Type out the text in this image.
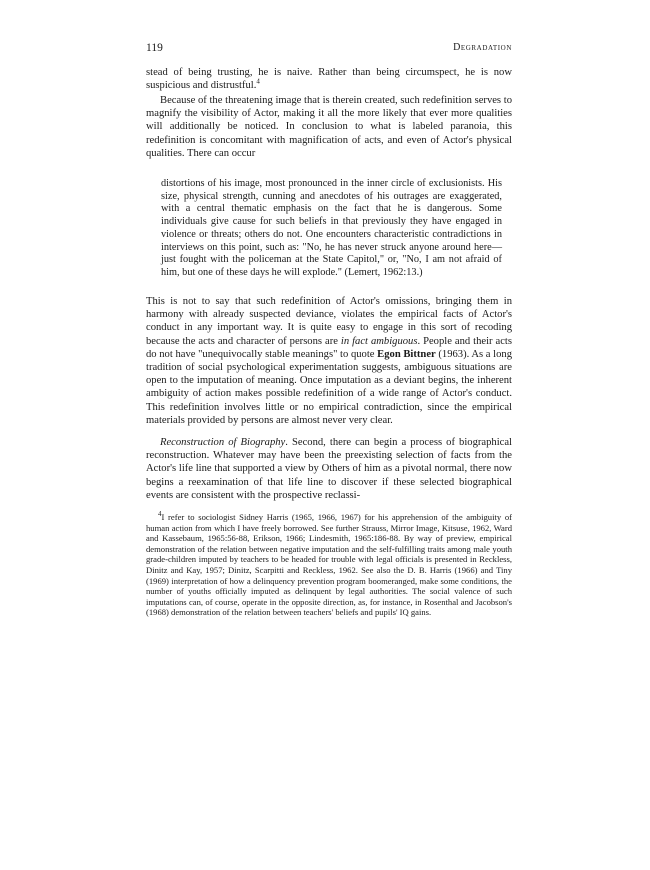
119	Degradation

stead of being trusting, he is naive. Rather than being circumspect, he is now suspicious and distrustful.$^4$

Because of the threatening image that is therein created, such redefinition serves to magnify the visibility of Actor, making it all the more likely that ever more qualities will additionally be noticed. In conclusion to what is labeled paranoia, this redefinition is concomitant with magnification of acts, and even of Actor's physical qualities. There can occur

distortions of his image, most pronounced in the inner circle of exclusionists. His size, physical strength, cunning and anecdotes of his outrages are exaggerated, with a central thematic emphasis on the fact that he is dangerous. Some individuals give cause for such beliefs in that previously they have engaged in violence or threats; others do not. One encounters characteristic contradictions in interviews on this point, such as: "No, he has never struck anyone around here—just fought with the policeman at the State Capitol," or, "No, I am not afraid of him, but one of these days he will explode." (Lemert, 1962:13.)

This is not to say that such redefinition of Actor's omissions, bringing them in harmony with already suspected deviance, violates the empirical facts of Actor's conduct in any important way. It is quite easy to engage in this sort of recoding because the acts and character of persons are in fact ambiguous. People and their acts do not have "unequivocally stable meanings" to quote Egon Bittner (1963). As a long tradition of social psychological experimentation suggests, ambiguous situations are open to the imputation of meaning. Once imputation as a deviant begins, the inherent ambiguity of action makes possible redefinition of a wide range of Actor's conduct. This redefinition involves little or no empirical contradiction, since the empirical materials provided by persons are almost never very clear.

Reconstruction of Biography. Second, there can begin a process of biographical reconstruction. Whatever may have been the preexisting selection of facts from the Actor's life line that supported a view by Others of him as a pivotal normal, there now begins a reexamination of that life line to discover if these selected biographical events are consistent with the prospective reclassi-

$^4$I refer to sociologist Sidney Harris (1965, 1966, 1967) for his apprehension of the ambiguity of human action from which I have freely borrowed. See further Strauss, Mirror Image, Kitsuse, 1962, Ward and Kassebaum, 1965:56-88, Erikson, 1966; Lindesmith, 1965:186-88. By way of preview, empirical demonstration of the relation between negative imputation and the self-fulfilling traits among male youth grade-children imputed by teachers to be headed for trouble with legal officials is presented in Reckless, Dinitz and Kay, 1957; Dinitz, Scarpitti and Reckless, 1962. See also the D. B. Harris (1966) and Tiny (1969) interpretation of how a delinquency prevention program boomeranged, make some conditions, the number of youths officially imputed as delinquent by legal authorities. The social valence of such imputations can, of course, operate in the opposite direction, as, for instance, in Rosenthal and Jacobson's (1968) demonstration of the relation between teachers' beliefs and pupils' IQ gains.
